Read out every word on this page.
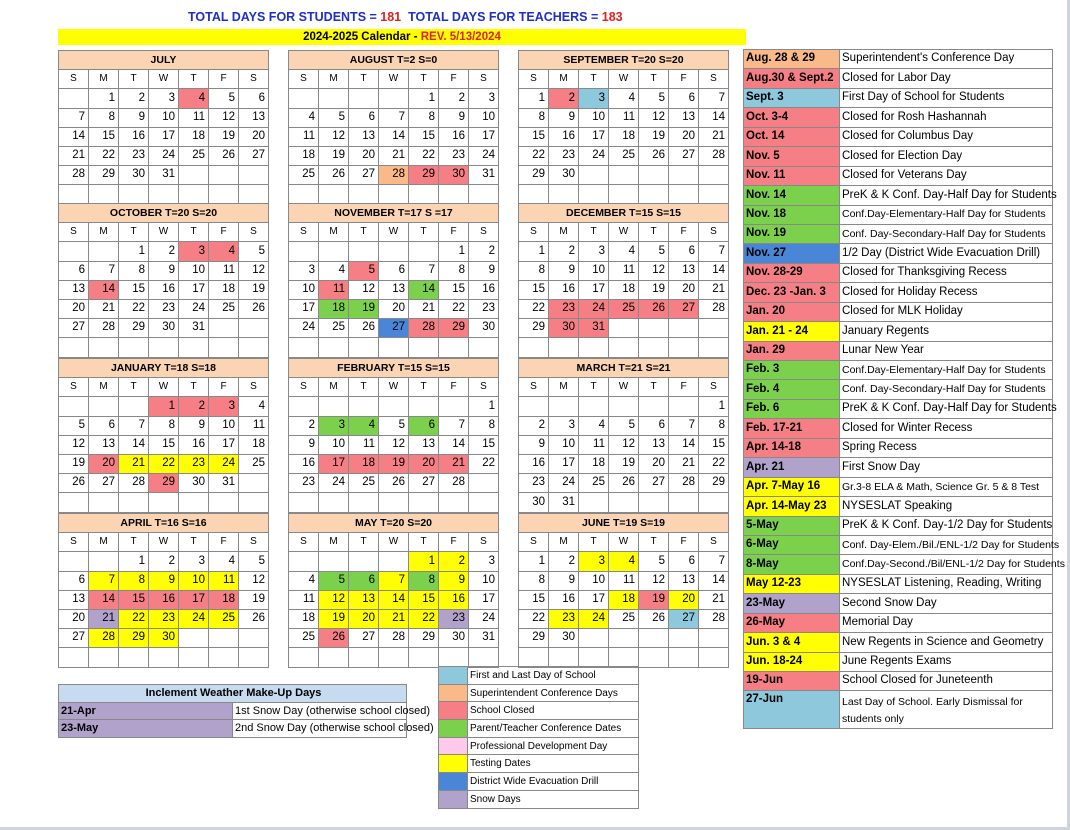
TOTAL DAYS FOR STUDENTS = 181  TOTAL DAYS FOR TEACHERS = 183
2024-2025 Calendar - REV. 5/13/2024
JULY						
S	M	T	W	T	F	S
	1	2	3	4	5	6
7	8	9	10	11	12	13
14	15	16	17	18	19	20
21	22	23	24	25	26	27
28	29	30	31			

AUGUST T=2 S=0						
S	M	T	W	T	F	S
				1	2	3
4	5	6	7	8	9	10
11	12	13	14	15	16	17
18	19	20	21	22	23	24
25	26	27	28	29	30	31

SEPTEMBER T=20 S=20						
S	M	T	W	T	F	S
1	2	3	4	5	6	7
8	9	10	11	12	13	14
15	16	17	18	19	20	21
22	23	24	25	26	27	28
29	30					

OCTOBER T=20 S=20						
S	M	T	W	T	F	S
		1	2	3	4	5
6	7	8	9	10	11	12
13	14	15	16	17	18	19
20	21	22	23	24	25	26
27	28	29	30	31		

NOVEMBER T=17 S =17						
S	M	T	W	T	F	S
					1	2
3	4	5	6	7	8	9
10	11	12	13	14	15	16
17	18	19	20	21	22	23
24	25	26	27	28	29	30

DECEMBER T=15 S=15						
S	M	T	W	T	F	S
1	2	3	4	5	6	7
8	9	10	11	12	13	14
15	16	17	18	19	20	21
22	23	24	25	26	27	28
29	30	31				

JANUARY T=18 S=18						
S	M	T	W	T	F	S
			1	2	3	4
5	6	7	8	9	10	11
12	13	14	15	16	17	18
19	20	21	22	23	24	25
26	27	28	29	30	31	

FEBRUARY T=15 S=15						
S	M	T	W	T	F	S
						1
2	3	4	5	6	7	8
9	10	11	12	13	14	15
16	17	18	19	20	21	22
23	24	25	26	27	28	

MARCH T=21 S=21						
S	M	T	W	T	F	S
						1
2	3	4	5	6	7	8
9	10	11	12	13	14	15
16	17	18	19	20	21	22
23	24	25	26	27	28	29
30	31					
APRIL T=16 S=16						
S	M	T	W	T	F	S
		1	2	3	4	5
6	7	8	9	10	11	12
13	14	15	16	17	18	19
20	21	22	23	24	25	26
27	28	29	30			

MAY T=20 S=20						
S	M	T	W	T	F	S
				1	2	3
4	5	6	7	8	9	10
11	12	13	14	15	16	17
18	19	20	21	22	23	24
25	26	27	28	29	30	31

JUNE T=19 S=19						
S	M	T	W	T	F	S
1	2	3	4	5	6	7
8	9	10	11	12	13	14
15	16	17	18	19	20	21
22	23	24	25	26	27	28
29	30					

Aug. 28 & 29	Superintendent's Conference Day
Aug.30 & Sept.2	Closed for Labor Day
Sept. 3	First Day of School for Students
Oct. 3-4	Closed for Rosh Hashannah
Oct. 14	Closed for Columbus Day
Nov. 5	Closed for Election Day
Nov. 11	Closed for Veterans Day
Nov. 14	PreK & K Conf. Day-Half Day for Students
Nov. 18	Conf.Day-Elementary-Half Day for Students
Nov. 19	Conf. Day-Secondary-Half Day for Students
Nov. 27	1/2 Day (District Wide Evacuation Drill)
Nov. 28-29	Closed for Thanksgiving Recess
Dec. 23 -Jan. 3	Closed for Holiday Recess
Jan. 20	Closed for MLK Holiday
Jan. 21 - 24	January Regents
Jan. 29	Lunar New Year
Feb. 3	Conf.Day-Elementary-Half Day for Students
Feb. 4	Conf. Day-Secondary-Half Day for Students
Feb. 6	PreK & K Conf. Day-Half Day for Students
Feb. 17-21	Closed for Winter Recess
Apr. 14-18	Spring Recess
Apr. 21	First Snow Day
Apr. 7-May 16	Gr.3-8 ELA & Math, Science Gr. 5 & 8 Test
Apr. 14-May 23	NYSESLAT Speaking
5-May	PreK & K Conf. Day-1/2 Day for Students
6-May	Conf. Day-Elem./Bil./ENL-1/2 Day for Students
8-May	Conf.Day-Second./Bil/ENL-1/2 Day for Students
May 12-23	NYSESLAT Listening, Reading, Writing
23-May	Second Snow Day
26-May	Memorial Day
Jun. 3 & 4	New Regents in Science and Geometry
Jun. 18-24	June Regents Exams
19-Jun	School Closed for Juneteenth
27-Jun	Last Day of School. Early Dismissal for students only
	First and Last Day of School
	Superintendent Conference Days
	School Closed
	Parent/Teacher Conference Dates
	Professional Development Day
	Testing Dates
	District Wide Evacuation Drill
	Snow Days
Inclement Weather Make-Up Days	
21-Apr	1st Snow Day (otherwise school closed)
23-May	2nd Snow Day (otherwise school closed)
